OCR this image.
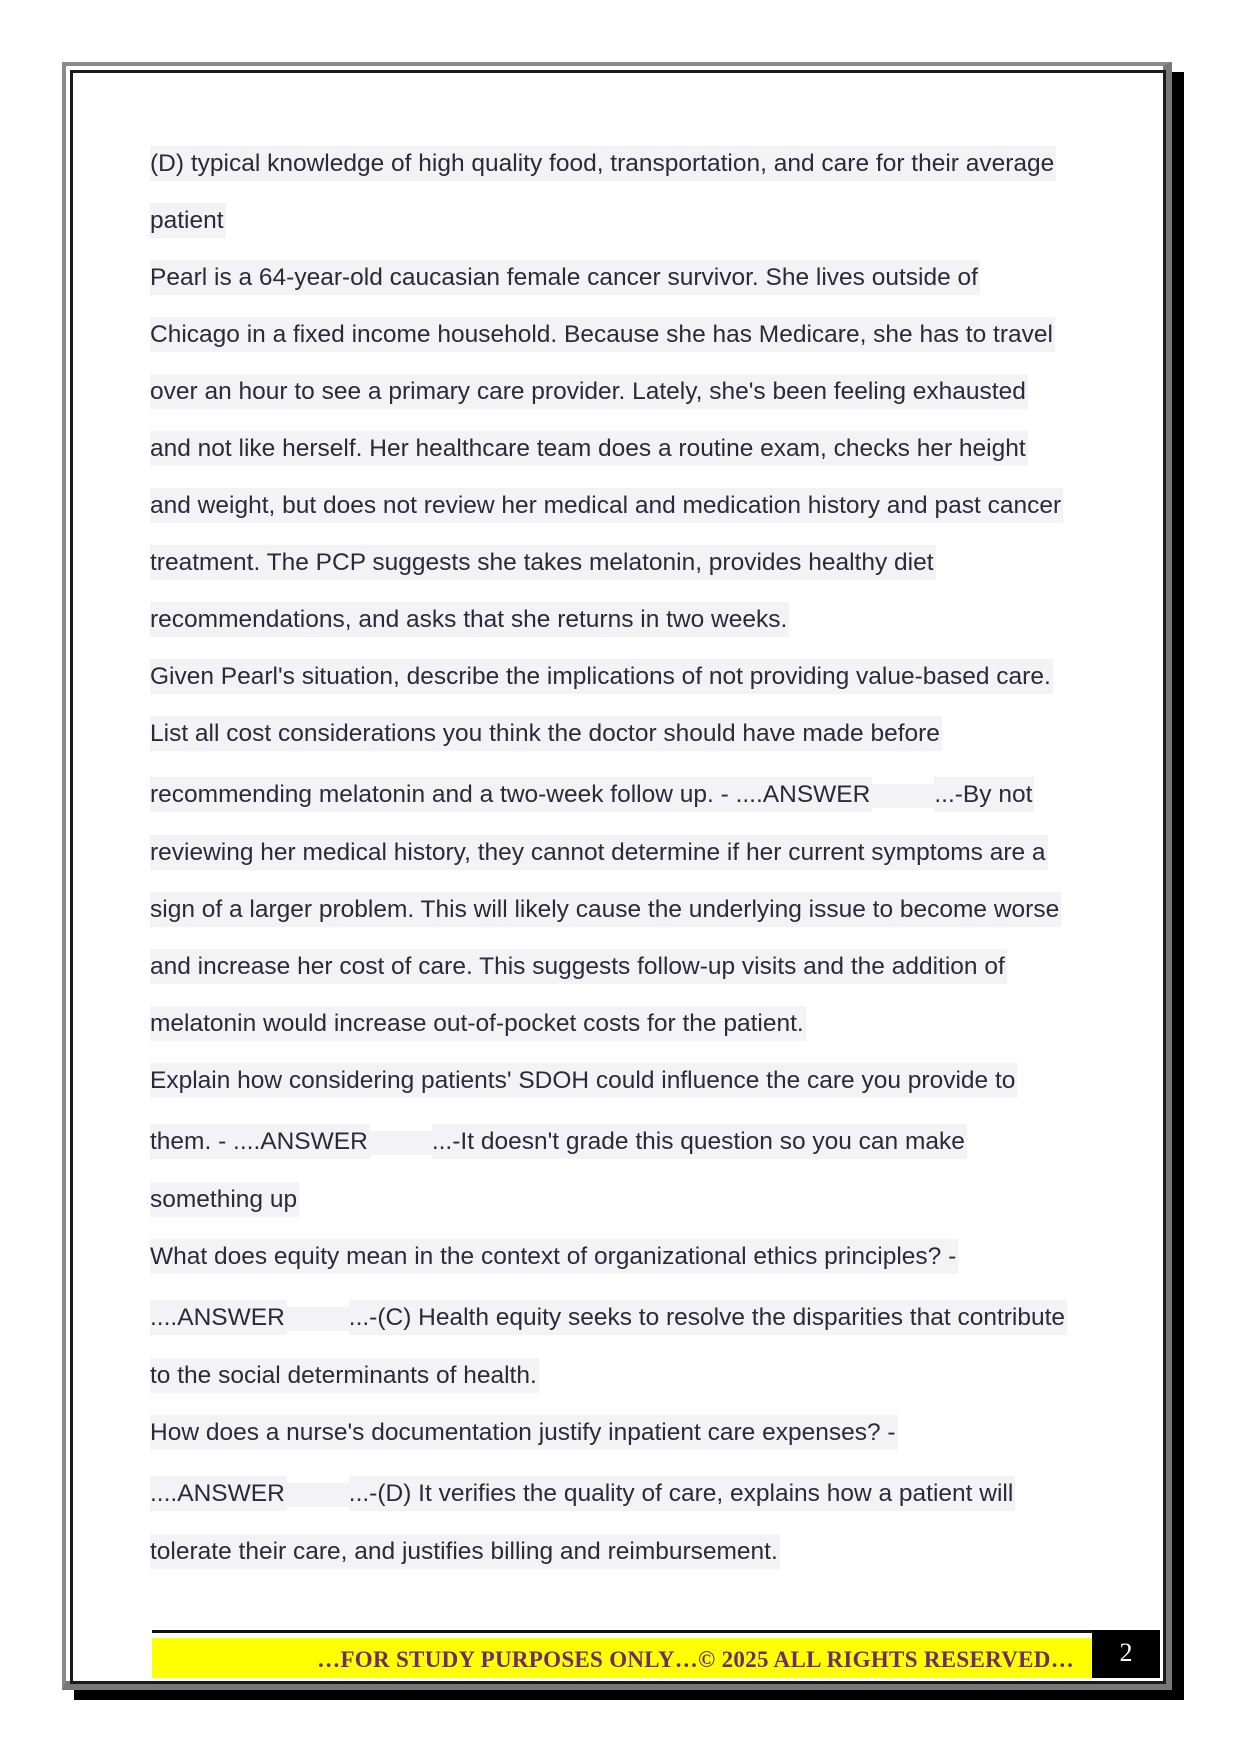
(D) typical knowledge of high quality food, transportation, and care for their average
patient
Pearl is a 64-year-old caucasian female cancer survivor. She lives outside of
Chicago in a fixed income household. Because she has Medicare, she has to travel
over an hour to see a primary care provider. Lately, she's been feeling exhausted
and not like herself. Her healthcare team does a routine exam, checks her height
and weight, but does not review her medical and medication history and past cancer
treatment. The PCP suggests she takes melatonin, provides healthy diet
recommendations, and asks that she returns in two weeks.
Given Pearl's situation, describe the implications of not providing value-based care.
List all cost considerations you think the doctor should have made before
recommending melatonin and a two-week follow up. - ....ANSWER	...-By not
reviewing her medical history, they cannot determine if her current symptoms are a
sign of a larger problem. This will likely cause the underlying issue to become worse
and increase her cost of care. This suggests follow-up visits and the addition of
melatonin would increase out-of-pocket costs for the patient.
Explain how considering patients' SDOH could influence the care you provide to
them. - ....ANSWER	...-It doesn't grade this question so you can make
something up
What does equity mean in the context of organizational ethics principles? -
....ANSWER	...-(C) Health equity seeks to resolve the disparities that contribute
to the social determinants of health.
How does a nurse's documentation justify inpatient care expenses? -
....ANSWER	...-(D) It verifies the quality of care, explains how a patient will
tolerate their care, and justifies billing and reimbursement.
…FOR STUDY PURPOSES ONLY…© 2025 ALL RIGHTS RESERVED…	2
